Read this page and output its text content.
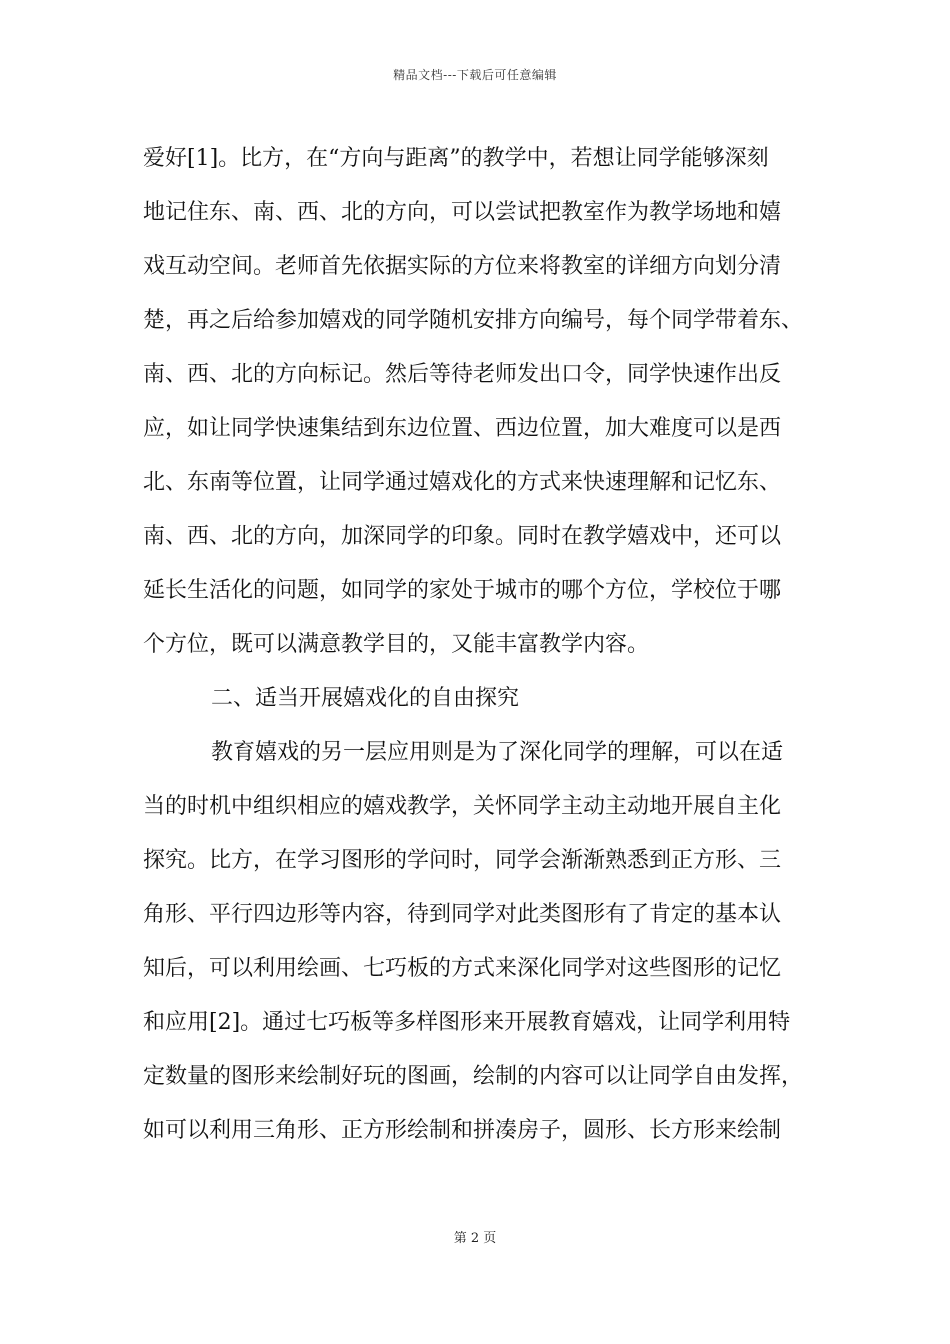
精品文档---下载后可任意编辑
爱好[1]。比方，在“方向与距离”的教学中，若想让同学能够深刻
地记住东、南、西、北的方向，可以尝试把教室作为教学场地和嬉
戏互动空间。老师首先依据实际的方位来将教室的详细方向划分清
楚，再之后给参加嬉戏的同学随机安排方向编号，每个同学带着东、
南、西、北的方向标记。然后等待老师发出口令，同学快速作出反
应，如让同学快速集结到东边位置、西边位置，加大难度可以是西
北、东南等位置，让同学通过嬉戏化的方式来快速理解和记忆东、
南、西、北的方向，加深同学的印象。同时在教学嬉戏中，还可以
延长生活化的问题，如同学的家处于城市的哪个方位，学校位于哪
个方位，既可以满意教学目的，又能丰富教学内容。
二、适当开展嬉戏化的自由探究
教育嬉戏的另一层应用则是为了深化同学的理解，可以在适
当的时机中组织相应的嬉戏教学，关怀同学主动主动地开展自主化
探究。比方，在学习图形的学问时，同学会渐渐熟悉到正方形、三
角形、平行四边形等内容，待到同学对此类图形有了肯定的基本认
知后，可以利用绘画、七巧板的方式来深化同学对这些图形的记忆
和应用[2]。通过七巧板等多样图形来开展教育嬉戏，让同学利用特
定数量的图形来绘制好玩的图画，绘制的内容可以让同学自由发挥，
如可以利用三角形、正方形绘制和拼凑房子，圆形、长方形来绘制
第 2 页
